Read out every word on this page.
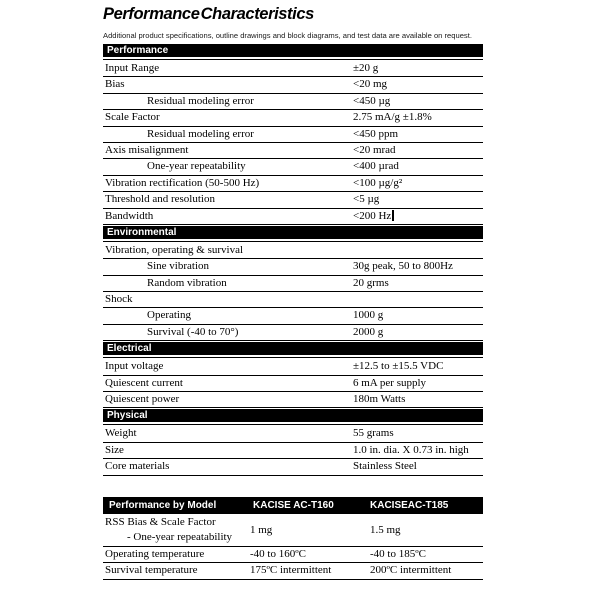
Performance Characteristics
Additional product specifications, outline drawings and block diagrams, and test data are available on request.
Performance
Input Range	±20 g
Bias	<20 mg
Residual modeling error	<450 µg
Scale Factor	2.75 mA/g ±1.8%
Residual modeling error	<450 ppm
Axis misalignment	<20 mrad
One-year repeatability	<400 µrad
Vibration rectification (50-500 Hz)	<100 µg/g²
Threshold and resolution	<5 µg
Bandwidth	<200 Hz
Environmental
Vibration, operating & survival
Sine vibration	30g peak, 50 to 800Hz
Random vibration	20 grms
Shock
Operating	1000 g
Survival (-40 to 70°)	2000 g
Electrical
Input voltage	±12.5 to ±15.5 VDC
Quiescent current	6 mA per supply
Quiescent power	180m Watts
Physical
Weight	55 grams
Size	1.0 in. dia. X 0.73 in. high
Core materials	Stainless Steel
Performance by Model	KACISE AC-T160	KACISEAC-T185
RSS Bias & Scale Factor
- One-year repeatability
1 mg	1.5 mg
Operating temperature	-40 to 160ºC	-40 to 185ºC
Survival temperature	175ºC intermittent	200ºC intermittent
